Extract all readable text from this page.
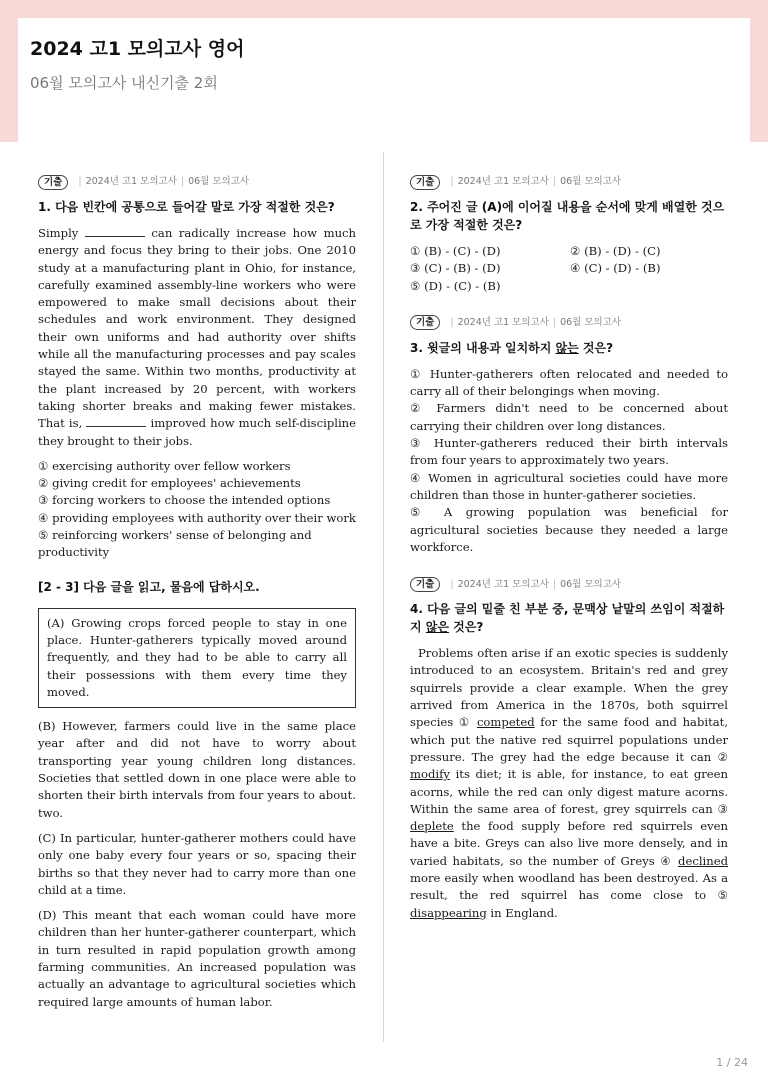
2024 고1 모의고사 영어
06월 모의고사 내신기출 2회
기출	| 2024년 고1 모의고사 | 06월 모의고사
1. 다음 빈칸에 공통으로 들어갈 말로 가장 적절한 것은?

Simply	can radically increase how much energy and focus they bring to their jobs. One 2010 study at a manufacturing plant in Ohio, for instance, carefully examined assembly-line workers who were empowered to make small decisions about their schedules and work environment. They designed their own uniforms and had authority over shifts while all the manufacturing processes and pay scales stayed the same. Within two months, productivity at the plant increased by 20 percent, with workers taking shorter breaks and making fewer mistakes. That is,	improved how much self-discipline they brought to their jobs.

① exercising authority over fellow workers

② giving credit for employees' achievements

③ forcing workers to choose the intended options

④ providing employees with authority over their work

⑤ reinforcing workers' sense of belonging and productivity

[2 - 3] 다음 글을 읽고, 물음에 답하시오.
(A) Growing crops forced people to stay in one place. Hunter-gatherers typically moved around frequently, and they had to be able to carry all their possessions with them every time they moved.

(B) However, farmers could live in the same place year after and did not have to worry about transporting year young children long distances. Societies that settled down in one place were able to shorten their birth intervals from four years to about. two.

(C) In particular, hunter-gatherer mothers could have only one baby every four years or so, spacing their births so that they never had to carry more than one child at a time.

(D) This meant that each woman could have more children than her hunter-gatherer counterpart, which in turn resulted in rapid population growth among farming communities. An increased population was actually an advantage to agricultural societies which required large amounts of human labor.

기출	| 2024년 고1 모의고사 | 06월 모의고사
2. 주어진 글 (A)에 이어질 내용을 순서에 맞게 배열한 것으로 가장 적절한 것은?

① (B) - (C) - (D)	② (B) - (D) - (C)

③ (C) - (B) - (D)	④ (C) - (D) - (B)

⑤ (D) - (C) - (B)

기출	| 2024년 고1 모의고사 | 06월 모의고사
3. 윗글의 내용과 일치하지 않는 것은?

① Hunter-gatherers often relocated and needed to carry all of their belongings when moving.

② Farmers didn't need to be concerned about carrying their children over long distances.

③ Hunter-gatherers reduced their birth intervals from four years to approximately two years.

④ Women in agricultural societies could have more children than those in hunter-gatherer societies.

⑤ A growing population was beneficial for agricultural societies because they needed a large workforce.

기출	| 2024년 고1 모의고사 | 06월 모의고사
4. 다음 글의 밑줄 친 부분 중, 문맥상 낱말의 쓰임이 적절하지 않은 것은?

Problems often arise if an exotic species is suddenly introduced to an ecosystem. Britain's red and grey squirrels provide a clear example. When the grey arrived from America in the 1870s, both squirrel species ① competed for the same food and habitat, which put the native red squirrel populations under pressure. The grey had the edge because it can ② modify its diet; it is able, for instance, to eat green acorns, while the red can only digest mature acorns. Within the same area of forest, grey squirrels can ③ deplete the food supply before red squirrels even have a bite. Greys can also live more densely, and in varied habitats, so the number of Greys ④ declined more easily when woodland has been destroyed. As a result, the red squirrel has come close to ⑤ disappearing in England.

1 / 24
